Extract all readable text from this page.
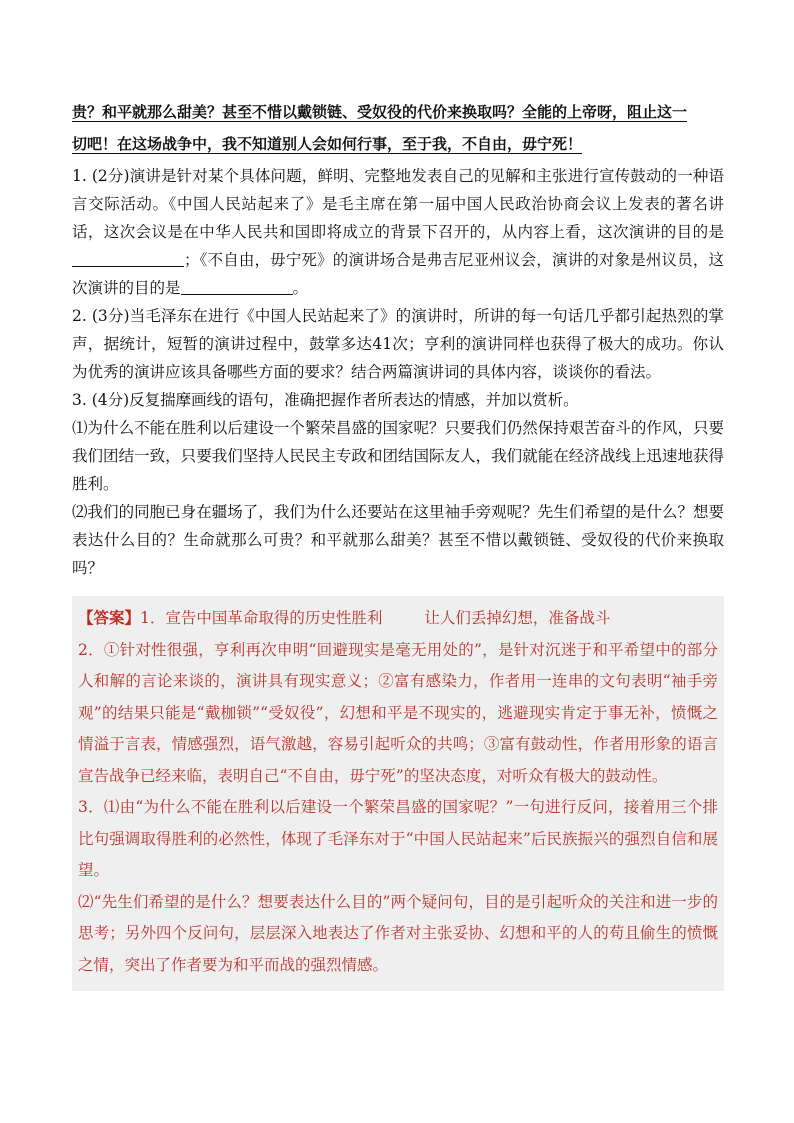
贵？和平就那么甜美？甚至不惜以戴锁链、受奴役的代价来换取吗？全能的上帝呀，阻止这一

切吧！在这场战争中，我不知道别人会如何行事，至于我，不自由，毋宁死！

1. (2分)演讲是针对某个具体问题，鲜明、完整地发表自己的见解和主张进行宣传鼓动的一种语言交际活动。《中国人民站起来了》是毛主席在第一届中国人民政治协商会议上发表的著名讲话，这次会议是在中华人民共和国即将成立的背景下召开的，从内容上看，这次演讲的目的是；《不自由，毋宁死》的演讲场合是弗吉尼亚州议会，演讲的对象是州议员，这次演讲的目的是	。

2. (3分)当毛泽东在进行《中国人民站起来了》的演讲时，所讲的每一句话几乎都引起热烈的掌声，据统计，短暂的演讲过程中，鼓掌多达41次；亨利的演讲同样也获得了极大的成功。你认为优秀的演讲应该具备哪些方面的要求？结合两篇演讲词的具体内容，谈谈你的看法。

3. (4分)反复揣摩画线的语句，准确把握作者所表达的情感，并加以赏析。

⑴为什么不能在胜利以后建设一个繁荣昌盛的国家呢？只要我们仍然保持艰苦奋斗的作风，只要我们团结一致，只要我们坚持人民民主专政和团结国际友人，我们就能在经济战线上迅速地获得胜利。

⑵我们的同胞已身在疆场了，我们为什么还要站在这里袖手旁观呢？先生们希望的是什么？想要表达什么目的？生命就那么可贵？和平就那么甜美？甚至不惜以戴锁链、受奴役的代价来换取吗？

【答案】1．宣告中国革命取得的历史性胜利	让人们丢掉幻想，准备战斗

2．①针对性很强，亨利再次申明“回避现实是毫无用处的”，是针对沉迷于和平希望中的部分人和解的言论来谈的，演讲具有现实意义；②富有感染力，作者用一连串的文句表明“袖手旁观”的结果只能是“戴枷锁”“受奴役”，幻想和平是不现实的，逃避现实肯定于事无补，愤慨之情溢于言表，情感强烈，语气激越，容易引起听众的共鸣；③富有鼓动性，作者用形象的语言宣告战争已经来临，表明自己“不自由，毋宁死”的坚决态度，对听众有极大的鼓动性。

3．⑴由“为什么不能在胜利以后建设一个繁荣昌盛的国家呢？”一句进行反问，接着用三个排比句强调取得胜利的必然性，体现了毛泽东对于“中国人民站起来”后民族振兴的强烈自信和展望。

⑵“先生们希望的是什么？想要表达什么目的”两个疑问句，目的是引起听众的关注和进一步的思考；另外四个反问句，层层深入地表达了作者对主张妥协、幻想和平的人的苟且偷生的愤慨之情，突出了作者要为和平而战的强烈情感。
